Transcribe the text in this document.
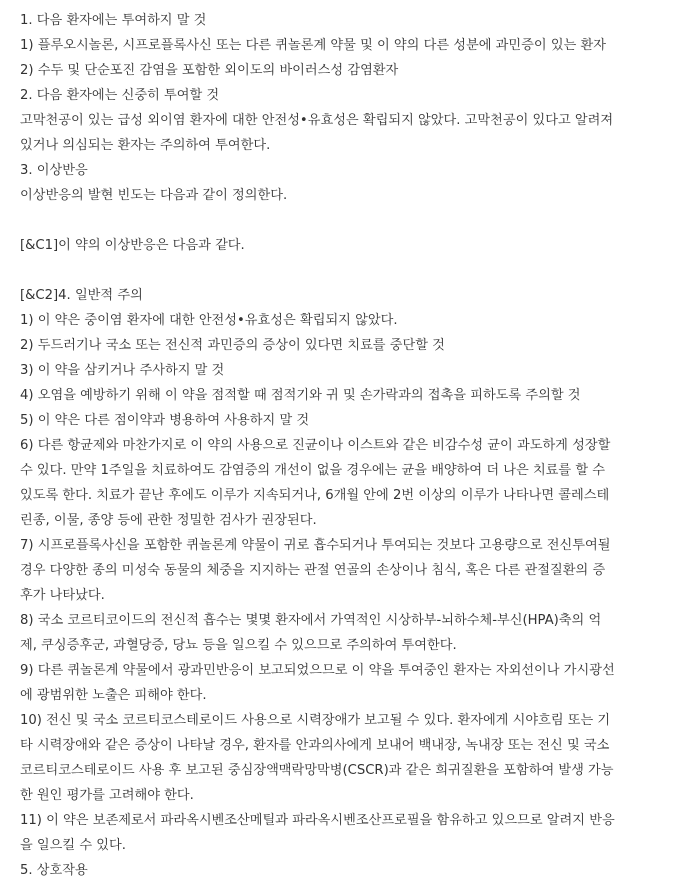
1. 다음 환자에는 투여하지 말 것
1) 플루오시놀론, 시프로플록사신 또는 다른 퀴놀론계 약물 및 이 약의 다른 성분에 과민증이 있는 환자
2) 수두 및 단순포진 감염을 포함한 외이도의 바이러스성 감염환자
2. 다음 환자에는 신중히 투여할 것
고막천공이 있는 급성 외이염 환자에 대한 안전성•유효성은 확립되지 않았다. 고막천공이 있다고 알려져
있거나 의심되는 환자는 주의하여 투여한다.
3. 이상반응
이상반응의 발현 빈도는 다음과 같이 정의한다.
[&C1]이 약의 이상반응은 다음과 같다.
[&C2]4. 일반적 주의
1) 이 약은 중이염 환자에 대한 안전성•유효성은 확립되지 않았다.
2) 두드러기나 국소 또는 전신적 과민증의 증상이 있다면 치료를 중단할 것
3) 이 약을 삼키거나 주사하지 말 것
4) 오염을 예방하기 위해 이 약을 점적할 때 점적기와 귀 및 손가락과의 접촉을 피하도록 주의할 것
5) 이 약은 다른 점이약과 병용하여 사용하지 말 것
6) 다른 항균제와 마찬가지로 이 약의 사용으로 진균이나 이스트와 같은 비감수성 균이 과도하게 성장할
수 있다. 만약 1주일을 치료하여도 감염증의 개선이 없을 경우에는 균을 배양하여 더 나은 치료를 할 수
있도록 한다. 치료가 끝난 후에도 이루가 지속되거나, 6개월 안에 2번 이상의 이루가 나타나면 콜레스테
린종, 이물, 종양 등에 관한 정밀한 검사가 권장된다.
7) 시프로플록사신을 포함한 퀴놀론계 약물이 귀로 흡수되거나 투여되는 것보다 고용량으로 전신투여될
경우 다양한 종의 미성숙 동물의 체중을 지지하는 관절 연골의 손상이나 침식, 혹은 다른 관절질환의 증
후가 나타났다.
8) 국소 코르티코이드의 전신적 흡수는 몇몇 환자에서 가역적인 시상하부-뇌하수체-부신(HPA)축의 억
제, 쿠싱증후군, 과혈당증, 당뇨 등을 일으킬 수 있으므로 주의하여 투여한다.
9) 다른 퀴놀론계 약물에서 광과민반응이 보고되었으므로 이 약을 투여중인 환자는 자외선이나 가시광선
에 광범위한 노출은 피해야 한다.
10) 전신 및 국소 코르티코스테로이드 사용으로 시력장애가 보고될 수 있다. 환자에게 시야흐림 또는 기
타 시력장애와 같은 증상이 나타날 경우, 환자를 안과의사에게 보내어 백내장, 녹내장 또는 전신 및 국소
코르티코스테로이드 사용 후 보고된 중심장액맥락망막병(CSCR)과 같은 희귀질환을 포함하여 발생 가능
한 원인 평가를 고려해야 한다.
11) 이 약은 보존제로서 파라옥시벤조산메틸과 파라옥시벤조산프로필을 함유하고 있으므로 알려지 반응
을 일으킬 수 있다.
5. 상호작용
